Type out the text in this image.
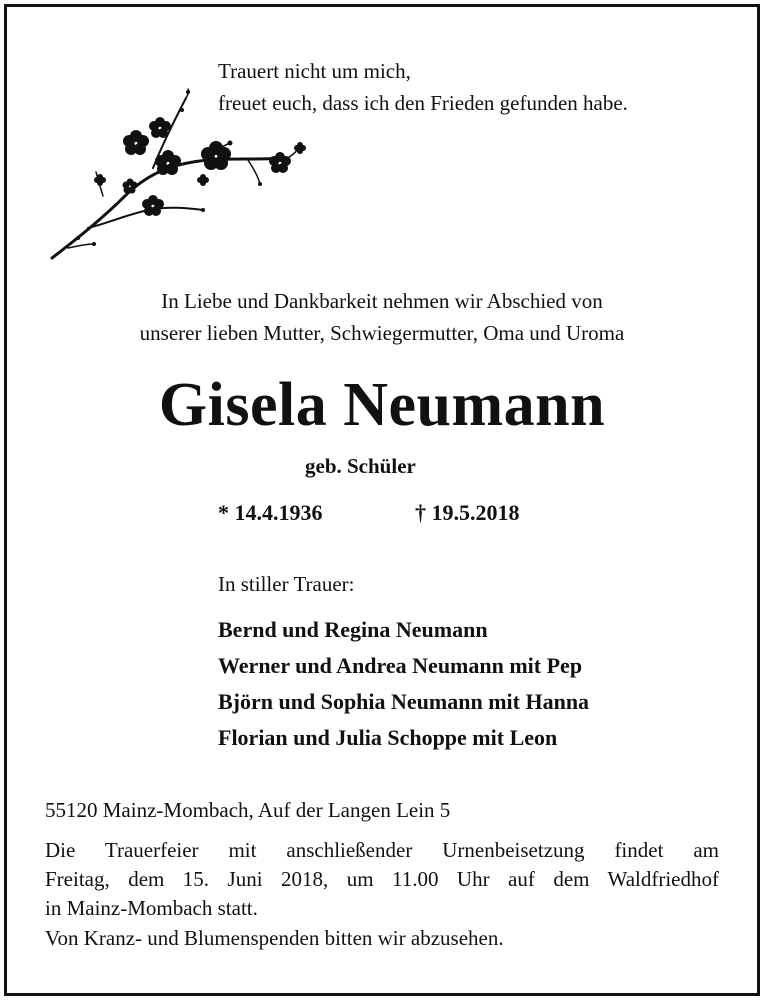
Trauert nicht um mich,
freuet euch, dass ich den Frieden gefunden habe.
In Liebe und Dankbarkeit nehmen wir Abschied von
unserer lieben Mutter, Schwiegermutter, Oma und Uroma
Gisela Neumann
geb. Schüler
* 14.4.1936	† 19.5.2018
In stiller Trauer:
Bernd und Regina Neumann
Werner und Andrea Neumann mit Pep
Björn und Sophia Neumann mit Hanna
Florian und Julia Schoppe mit Leon
55120 Mainz-Mombach, Auf der Langen Lein 5
Die Trauerfeier mit anschließender Urnenbeisetzung findet am
Freitag, dem 15. Juni 2018, um 11.00 Uhr auf dem Waldfriedhof
in Mainz-Mombach statt.
Von Kranz- und Blumenspenden bitten wir abzusehen.
